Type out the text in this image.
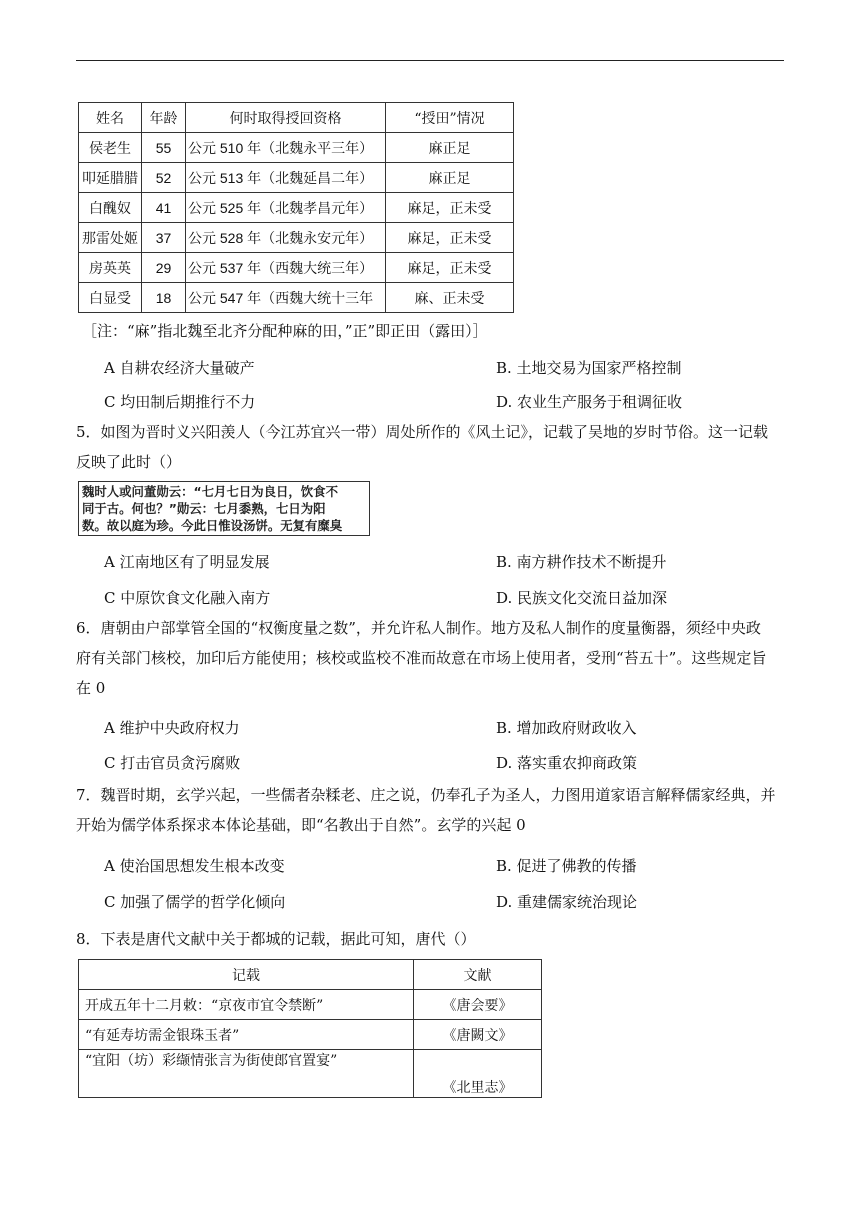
姓名	年龄	何时取得授回资格	“授田”情况
侯老生	55	公元 510 年（北魏永平三年）	麻正足
叩延腊腊	52	公元 513 年（北魏延昌二年）	麻正足
白醜奴	41	公元 525 年（北魏孝昌元年）	麻足，正未受
那雷处姬	37	公元 528 年（北魏永安元年）	麻足，正未受
房英英	29	公元 537 年（西魏大统三年）	麻足，正未受
白显受	18	公元 547 年（西魏大统十三年	麻、正未受
［注：“麻”指北魏至北齐分配种麻的田，”正”即正田（露田）］
A 自耕农经济大量破产	B. 土地交易为国家严格控制
C 均田制后期推行不力	D. 农业生产服务于租调征收
5．如图为晋时义兴阳羡人（今江苏宜兴一带）周处所作的《风土记》，记载了吴地的岁时节俗。这一记载
反映了此时（）
魏时人或问董勋云：“七月七日为良日，饮食不
同于古。何也？”勋云：七月黍熟，七日为阳
数。故以庭为珍。今此日惟设汤饼。无复有糜臭
A 江南地区有了明显发展	B. 南方耕作技术不断提升
C 中原饮食文化融入南方	D. 民族文化交流日益加深
6．唐朝由户部掌管全国的“权衡度量之数”，并允许私人制作。地方及私人制作的度量衡器，须经中央政
府有关部门核校，加印后方能使用；核校或监校不准而故意在市场上使用者，受刑“苔五十”。这些规定旨
在 0
A 维护中央政府权力	B. 增加政府财政收入
C 打击官员贪污腐败	D. 落实重农抑商政策
7．魏晋时期，玄学兴起，一些儒者杂糅老、庄之说，仍奉孔子为圣人，力图用道家语言解释儒家经典，并
开始为儒学体系探求本体论基础，即“名教出于自然”。玄学的兴起 0
A 使治国思想发生根本改变	B. 促进了佛教的传播
C 加强了儒学的哲学化倾向	D. 重建儒家统治现论
8．下表是唐代文献中关于都城的记载，据此可知，唐代（）
记载	文献
开成五年十二月敕：“京夜市宜令禁断”	《唐会要》
“有延寿坊需金银珠玉者”	《唐闕文》
“宜阳（坊）彩缬情张言为街使郎官置宴”	《北里志》
